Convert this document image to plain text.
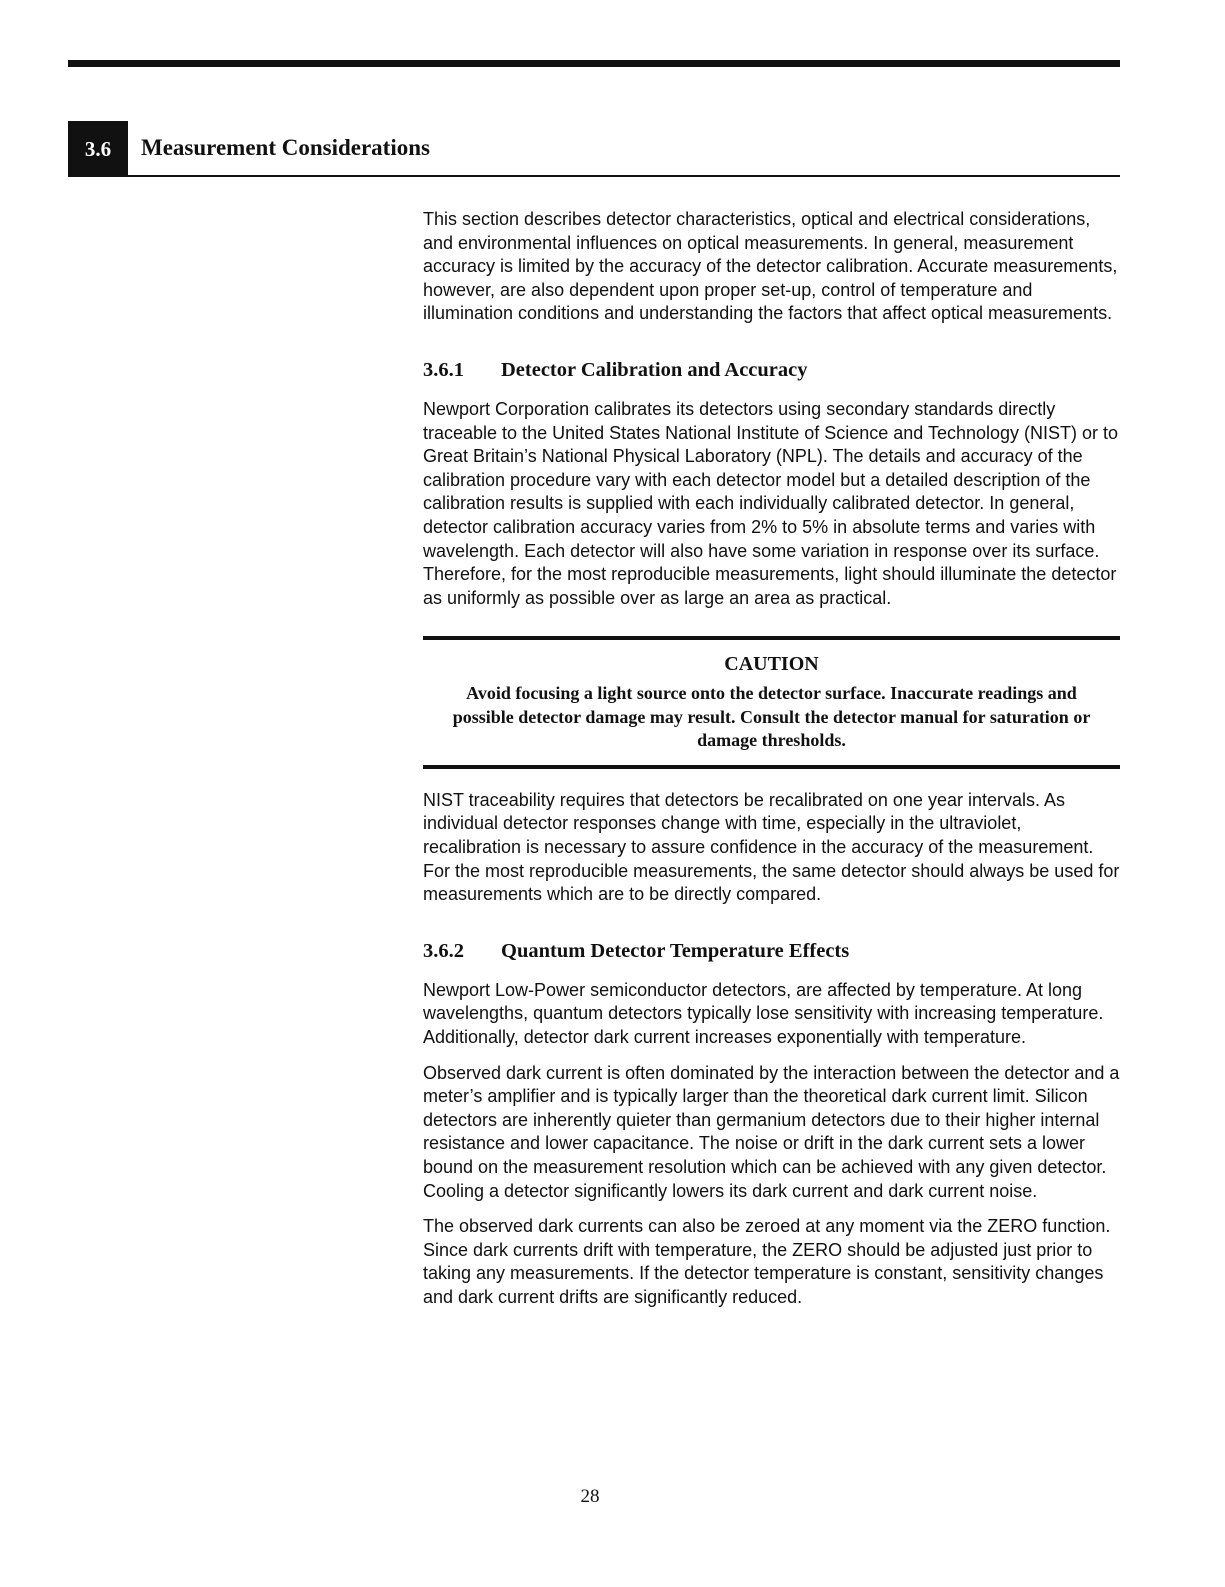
3.6	Measurement Considerations

This section describes detector characteristics, optical and electrical considerations, and environmental influences on optical measurements. In general, measurement accuracy is limited by the accuracy of the detector calibration. Accurate measurements, however, are also dependent upon proper set-up, control of temperature and illumination conditions and understanding the factors that affect optical measurements.

3.6.1 Detector Calibration and Accuracy

Newport Corporation calibrates its detectors using secondary standards directly traceable to the United States National Institute of Science and Technology (NIST) or to Great Britain’s National Physical Laboratory (NPL). The details and accuracy of the calibration procedure vary with each detector model but a detailed description of the calibration results is supplied with each individually calibrated detector. In general, detector calibration accuracy varies from 2% to 5% in absolute terms and varies with wavelength. Each detector will also have some variation in response over its surface. Therefore, for the most reproducible measurements, light should illuminate the detector as uniformly as possible over as large an area as practical.

CAUTION
Avoid focusing a light source onto the detector surface. Inaccurate readings and possible detector damage may result. Consult the detector manual for saturation or damage thresholds.

NIST traceability requires that detectors be recalibrated on one year intervals. As individual detector responses change with time, especially in the ultraviolet, recalibration is necessary to assure confidence in the accuracy of the measurement. For the most reproducible measurements, the same detector should always be used for measurements which are to be directly compared.

3.6.2 Quantum Detector Temperature Effects

Newport Low-Power semiconductor detectors, are affected by temperature. At long wavelengths, quantum detectors typically lose sensitivity with increasing temperature. Additionally, detector dark current increases exponentially with temperature.

Observed dark current is often dominated by the interaction between the detector and a meter’s amplifier and is typically larger than the theoretical dark current limit. Silicon detectors are inherently quieter than germanium detectors due to their higher internal resistance and lower capacitance. The noise or drift in the dark current sets a lower bound on the measurement resolution which can be achieved with any given detector. Cooling a detector significantly lowers its dark current and dark current noise.

The observed dark currents can also be zeroed at any moment via the ZERO function. Since dark currents drift with temperature, the ZERO should be adjusted just prior to taking any measurements. If the detector temperature is constant, sensitivity changes and dark current drifts are significantly reduced.

28
